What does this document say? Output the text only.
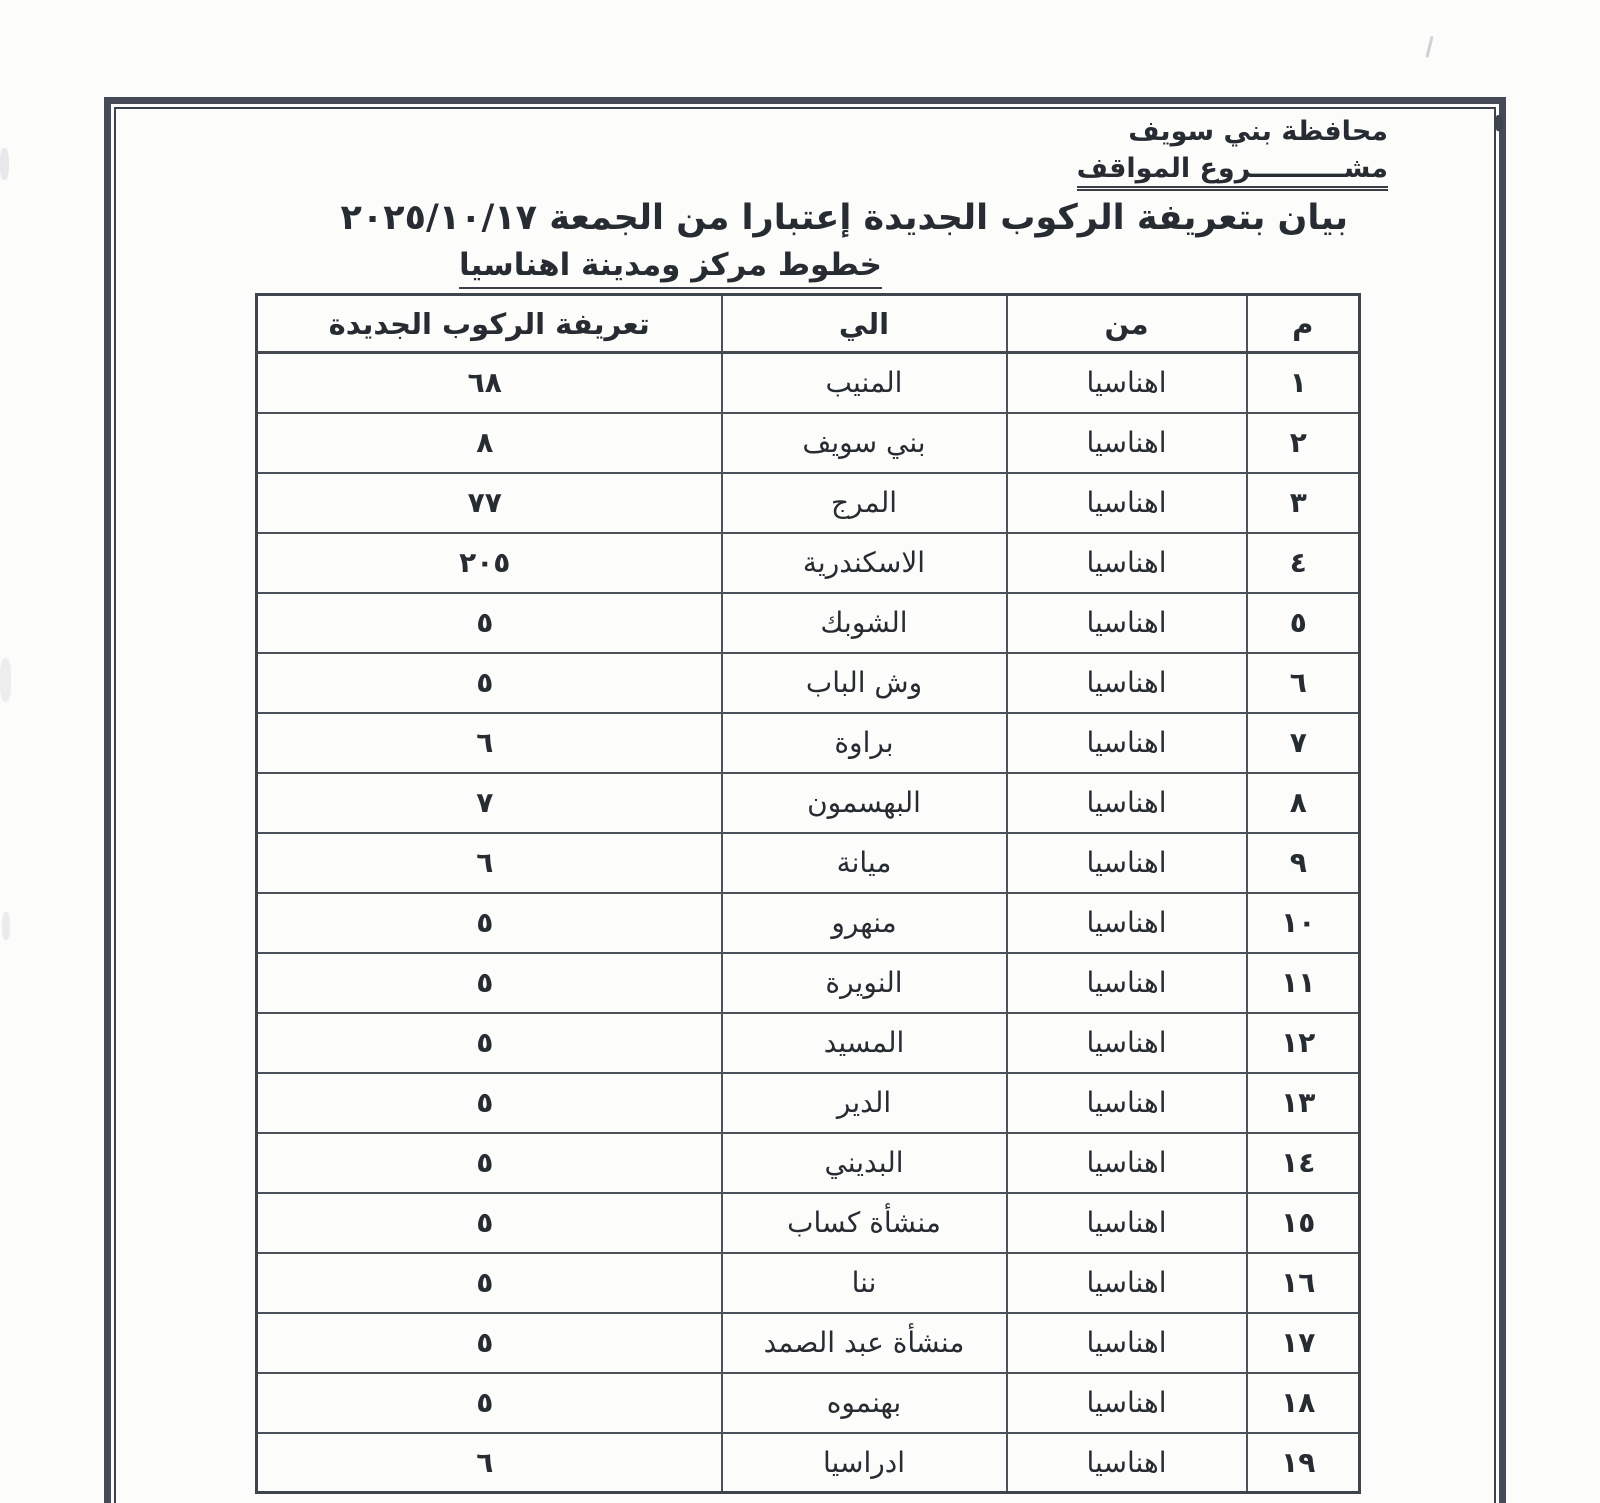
محافظة بني سويف
مشــــــــــروع المواقف
بيان بتعريفة الركوب الجديدة إعتبارا من الجمعة ٢٠٢٥/١٠/١٧
خطوط مركز ومدينة اهناسيا
م	من	الي	تعريفة الركوب الجديدة
١	اهناسيا	المنيب	٦٨
٢	اهناسيا	بني سويف	٨
٣	اهناسيا	المرج	٧٧
٤	اهناسيا	الاسكندرية	٢٠٥
٥	اهناسيا	الشوبك	٥
٦	اهناسيا	وش الباب	٥
٧	اهناسيا	براوة	٦
٨	اهناسيا	البهسمون	٧
٩	اهناسيا	ميانة	٦
١٠	اهناسيا	منهرو	٥
١١	اهناسيا	النويرة	٥
١٢	اهناسيا	المسيد	٥
١٣	اهناسيا	الدير	٥
١٤	اهناسيا	البديني	٥
١٥	اهناسيا	منشأة كساب	٥
١٦	اهناسيا	ننا	٥
١٧	اهناسيا	منشأة عبد الصمد	٥
١٨	اهناسيا	بهنموه	٥
١٩	اهناسيا	ادراسيا	٦
